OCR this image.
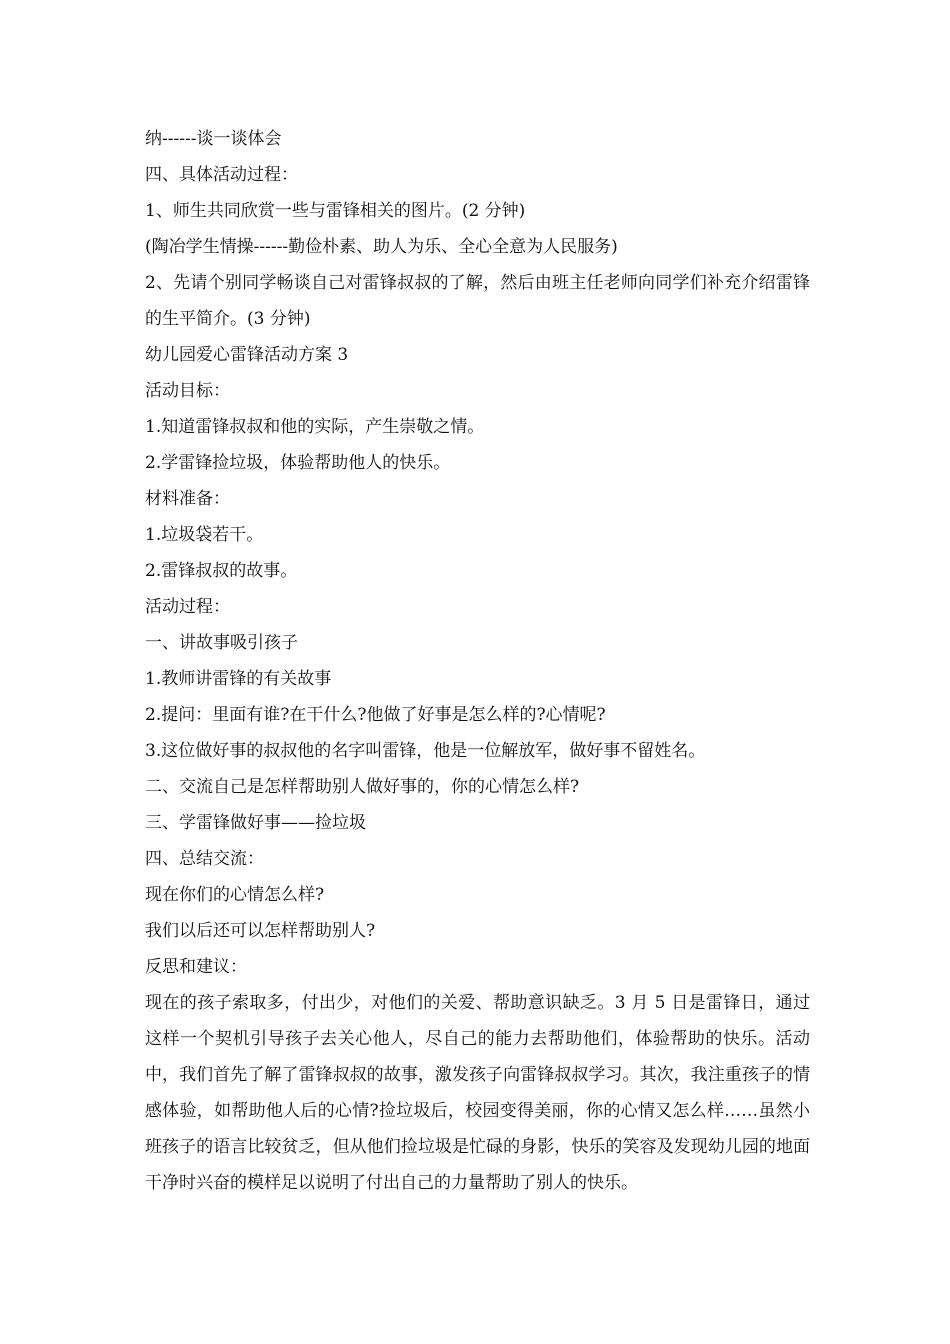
纳------谈一谈体会
四、具体活动过程：
1、师生共同欣赏一些与雷锋相关的图片。(2 分钟)
(陶冶学生情操------勤俭朴素、助人为乐、全心全意为人民服务)
2、先请个别同学畅谈自己对雷锋叔叔的了解，然后由班主任老师向同学们补充介绍雷锋的生平简介。(3 分钟)
幼儿园爱心雷锋活动方案 3
活动目标：
1.知道雷锋叔叔和他的实际，产生崇敬之情。
2.学雷锋捡垃圾，体验帮助他人的快乐。
材料准备：
1.垃圾袋若干。
2.雷锋叔叔的故事。
活动过程：
一、讲故事吸引孩子
1.教师讲雷锋的有关故事
2.提问：里面有谁?在干什么?他做了好事是怎么样的?心情呢?
3.这位做好事的叔叔他的名字叫雷锋，他是一位解放军，做好事不留姓名。
二、交流自己是怎样帮助别人做好事的，你的心情怎么样?
三、学雷锋做好事——捡垃圾
四、总结交流：
现在你们的心情怎么样?
我们以后还可以怎样帮助别人?
反思和建议：
现在的孩子索取多，付出少，对他们的关爱、帮助意识缺乏。3 月 5 日是雷锋日，通过这样一个契机引导孩子去关心他人，尽自己的能力去帮助他们，体验帮助的快乐。活动中，我们首先了解了雷锋叔叔的故事，激发孩子向雷锋叔叔学习。其次，我注重孩子的情感体验，如帮助他人后的心情?捡垃圾后，校园变得美丽，你的心情又怎么样……虽然小班孩子的语言比较贫乏，但从他们捡垃圾是忙碌的身影，快乐的笑容及发现幼儿园的地面干净时兴奋的模样足以说明了付出自己的力量帮助了别人的快乐。
